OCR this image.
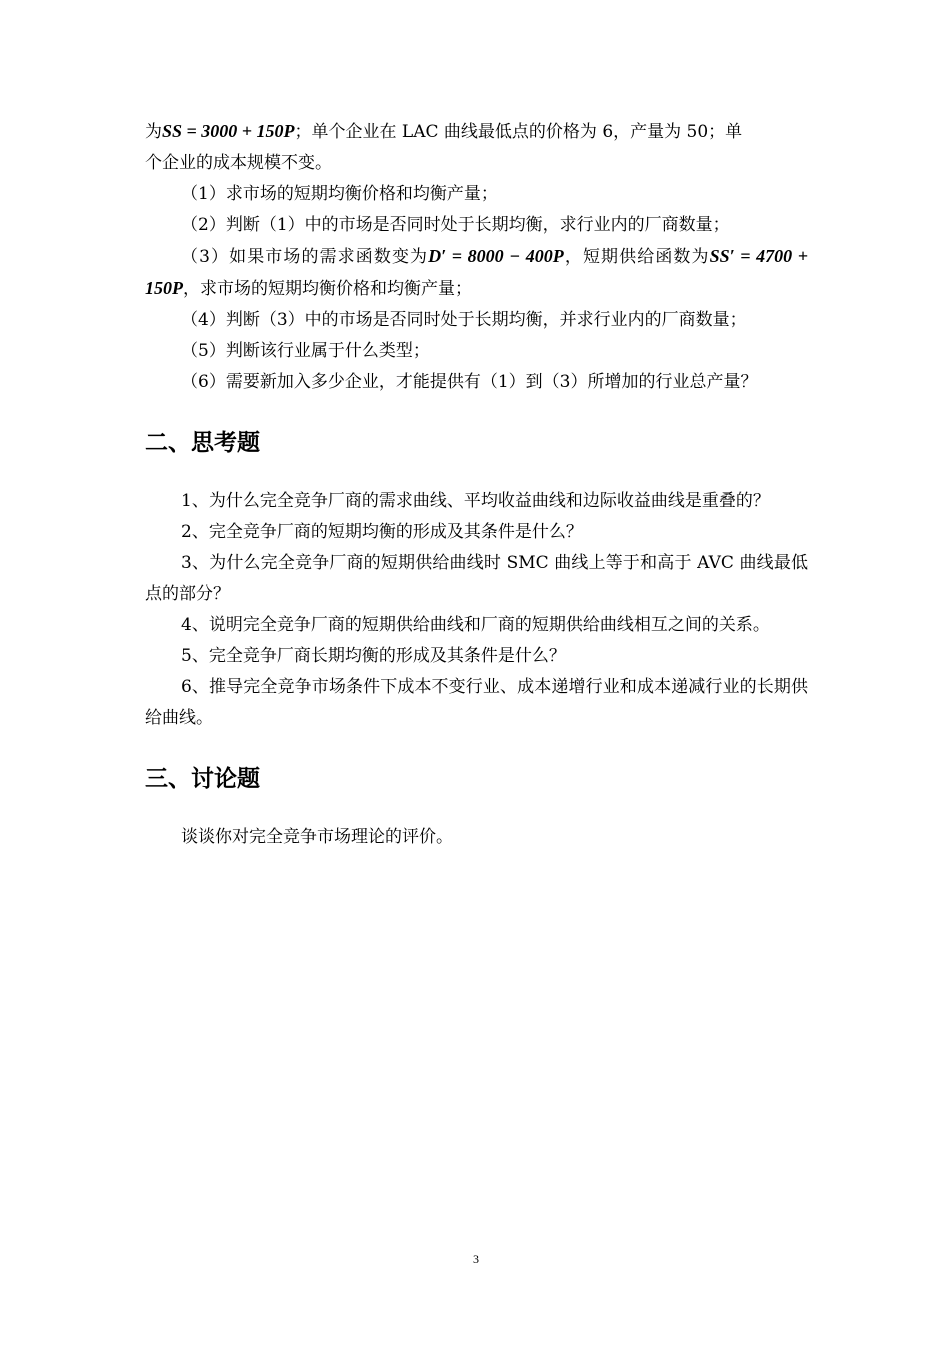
为SS = 3000 + 150P；单个企业在 LAC 曲线最低点的价格为 6，产量为 50；单
个企业的成本规模不变。

（1）求市场的短期均衡价格和均衡产量；

（2）判断（1）中的市场是否同时处于长期均衡，求行业内的厂商数量；

（3）如果市场的需求函数变为D′ = 8000 − 400P，短期供给函数为SS′ = 4700 + 150P，求市场的短期均衡价格和均衡产量；

（4）判断（3）中的市场是否同时处于长期均衡，并求行业内的厂商数量；

（5）判断该行业属于什么类型；

（6）需要新加入多少企业，才能提供有（1）到（3）所增加的行业总产量？

二、思考题

1、为什么完全竞争厂商的需求曲线、平均收益曲线和边际收益曲线是重叠的？

2、完全竞争厂商的短期均衡的形成及其条件是什么？

3、为什么完全竞争厂商的短期供给曲线时 SMC 曲线上等于和高于 AVC 曲线最低点的部分？

4、说明完全竞争厂商的短期供给曲线和厂商的短期供给曲线相互之间的关系。

5、完全竞争厂商长期均衡的形成及其条件是什么？

6、推导完全竞争市场条件下成本不变行业、成本递增行业和成本递减行业的长期供给曲线。

三、讨论题

谈谈你对完全竞争市场理论的评价。

3
